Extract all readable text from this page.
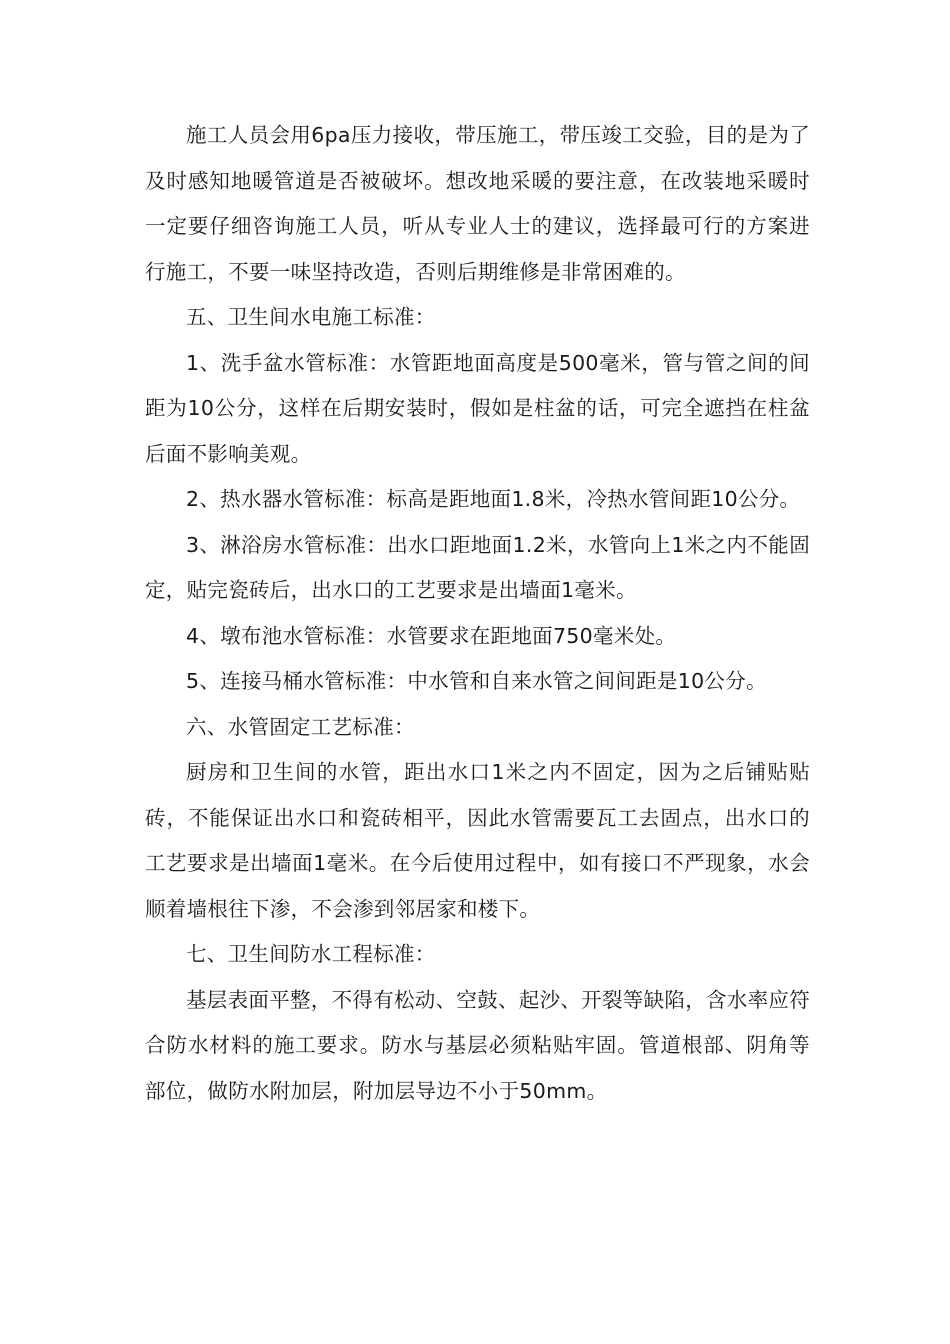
施工人员会用6pa压力接收，带压施工，带压竣工交验，目的是为了及时感知地暖管道是否被破坏。想改地采暖的要注意，在改装地采暖时一定要仔细咨询施工人员，听从专业人士的建议，选择最可行的方案进行施工，不要一味坚持改造，否则后期维修是非常困难的。

五、卫生间水电施工标准：

1、洗手盆水管标准：水管距地面高度是500毫米，管与管之间的间距为10公分，这样在后期安装时，假如是柱盆的话，可完全遮挡在柱盆后面不影响美观。

2、热水器水管标准：标高是距地面1.8米，冷热水管间距10公分。

3、淋浴房水管标准：出水口距地面1.2米，水管向上1米之内不能固定，贴完瓷砖后，出水口的工艺要求是出墙面1毫米。

4、墩布池水管标准：水管要求在距地面750毫米处。

5、连接马桶水管标准：中水管和自来水管之间间距是10公分。

六、水管固定工艺标准：

厨房和卫生间的水管，距出水口1米之内不固定，因为之后铺贴贴砖，不能保证出水口和瓷砖相平，因此水管需要瓦工去固点，出水口的工艺要求是出墙面1毫米。在今后使用过程中，如有接口不严现象，水会顺着墙根往下渗，不会渗到邻居家和楼下。

七、卫生间防水工程标准：

基层表面平整，不得有松动、空鼓、起沙、开裂等缺陷，含水率应符合防水材料的施工要求。防水与基层必须粘贴牢固。管道根部、阴角等部位，做防水附加层，附加层导边不小于50mm。
